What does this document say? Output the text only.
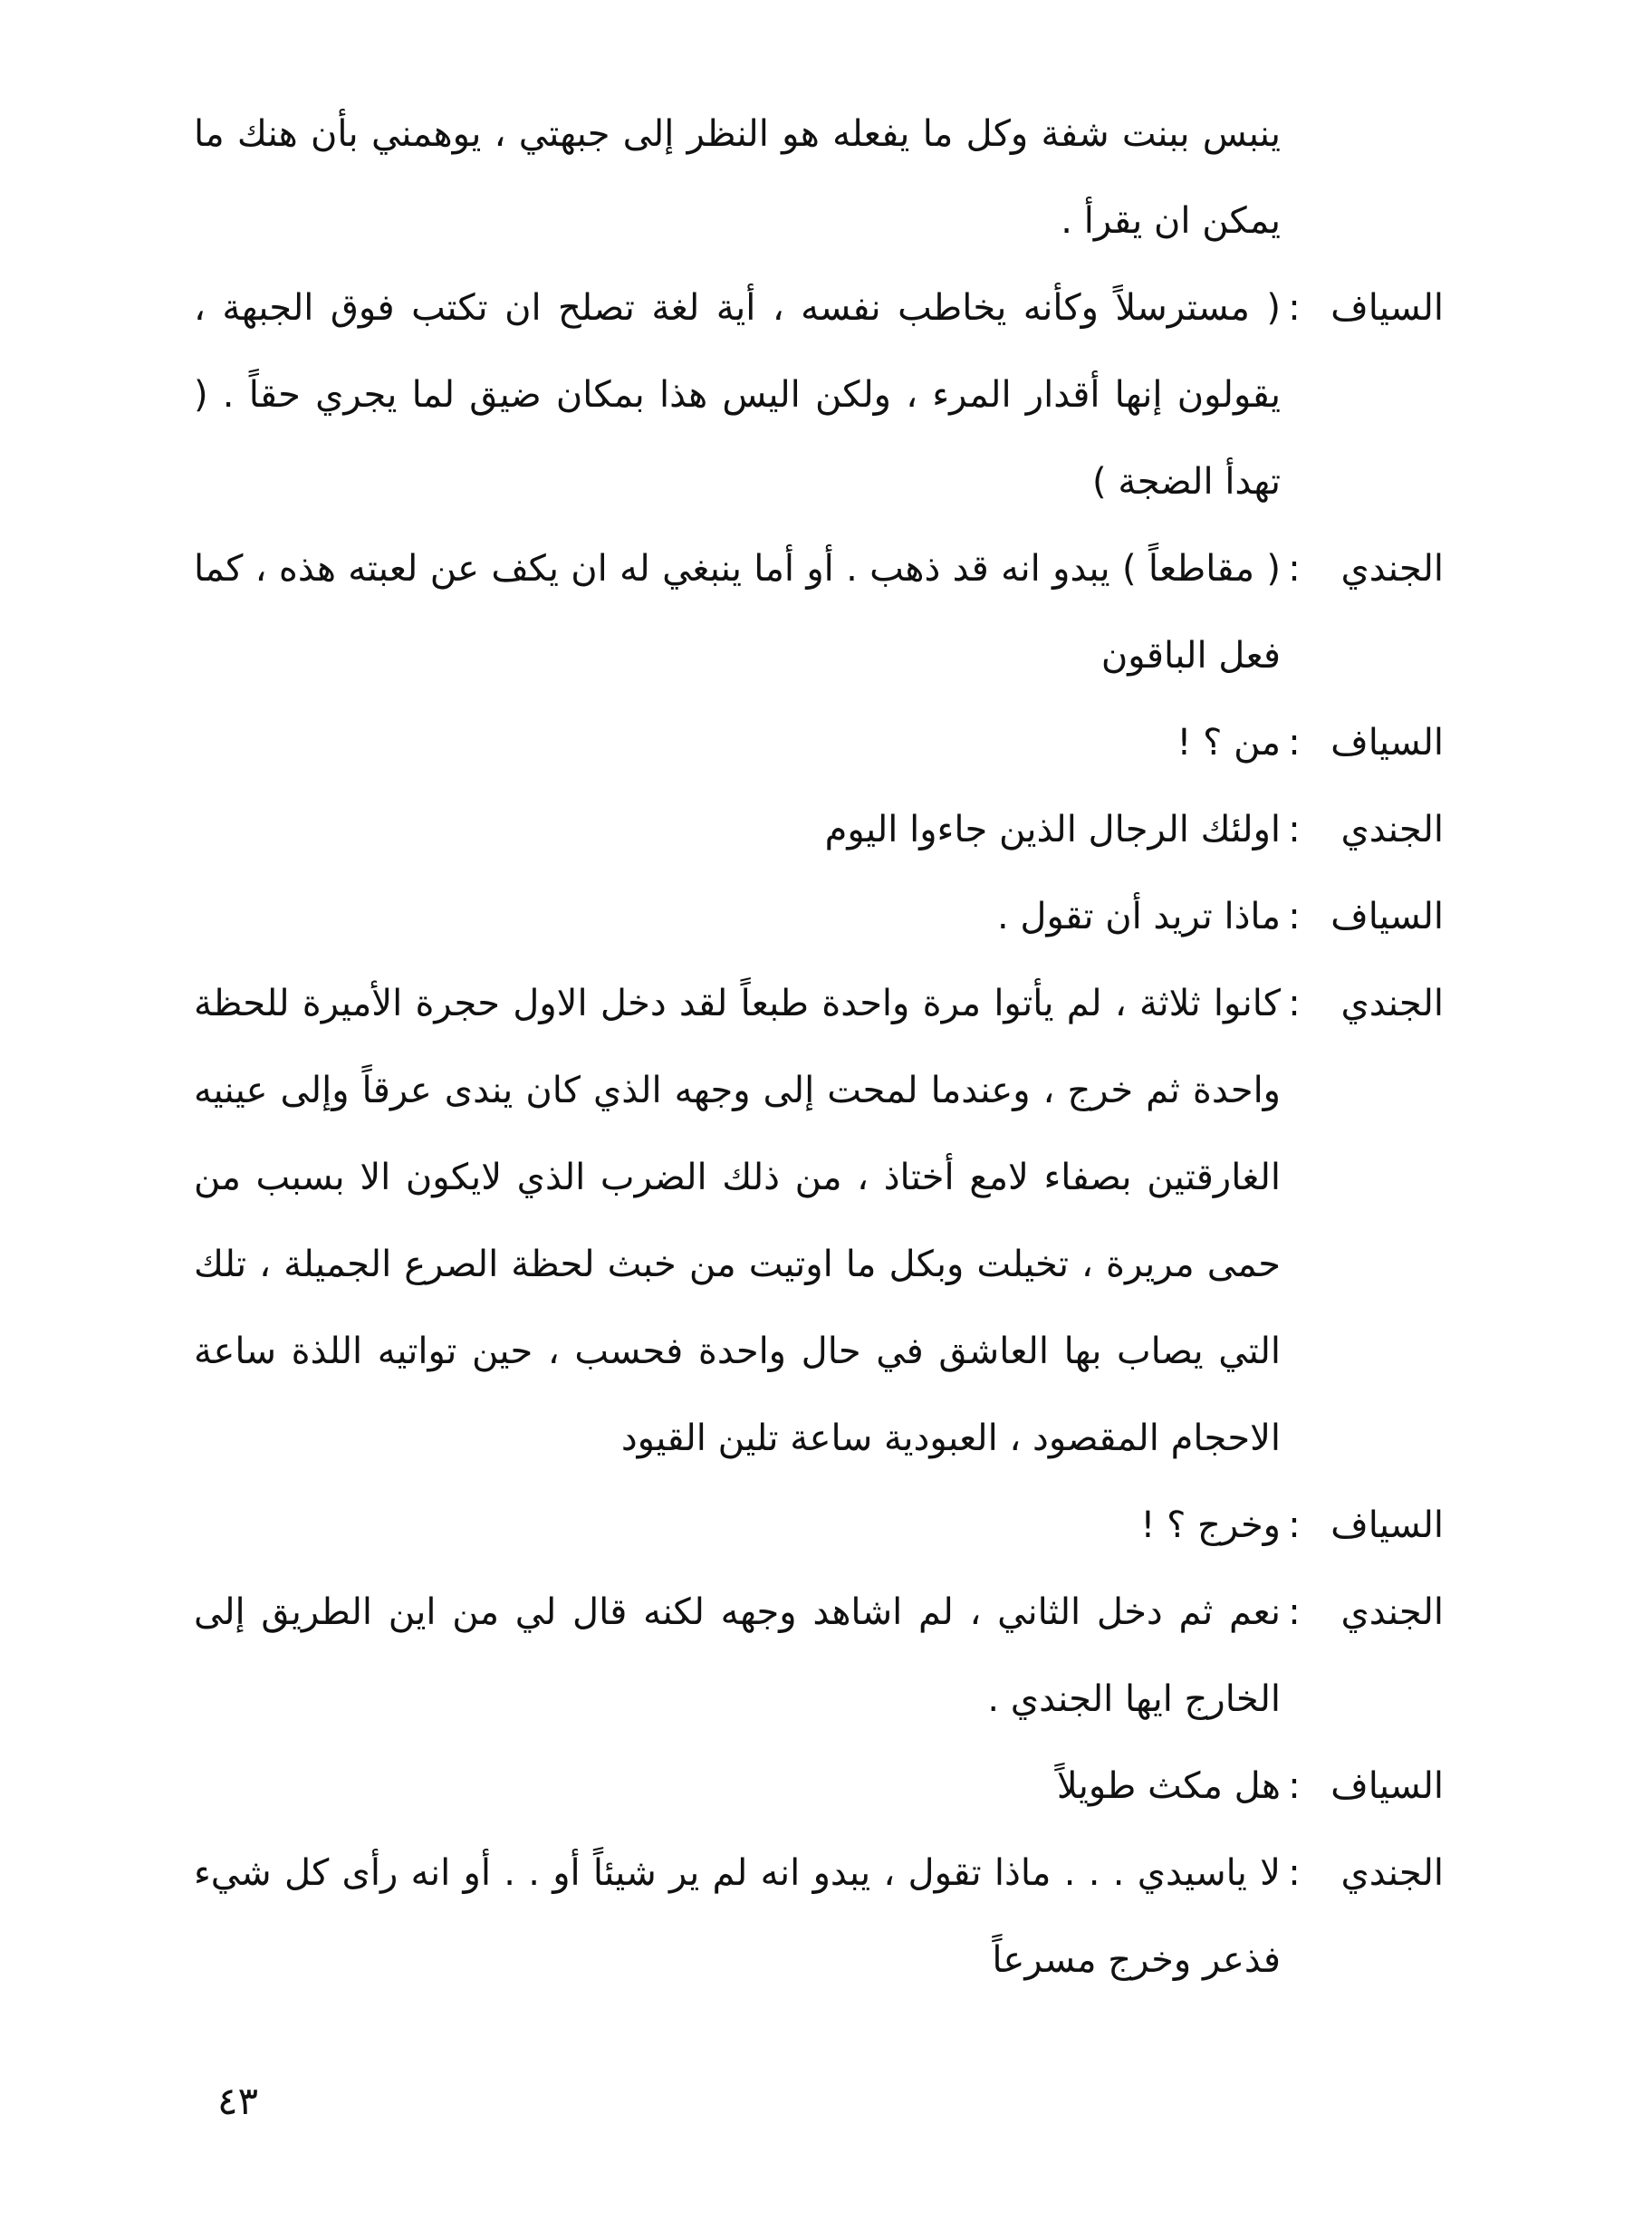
ينبس ببنت شفة وكل ما يفعله هو النظر إلى جبهتي ، يوهمني بأن هنك ما يمكن ان يقرأ .

السياف
:
( مسترسلاً وكأنه يخاطب نفسه ، أية لغة تصلح ان تكتب فوق الجبهة ، يقولون إنها أقدار المرء ، ولكن اليس هذا بمكان ضيق لما يجري حقاً . ( تهدأ الضجة )
الجندي
:
( مقاطعاً ) يبدو انه قد ذهب . أو أما ينبغي له ان يكف عن لعبته هذه ، كما فعل الباقون
السياف
:
من ؟ !
الجندي
:
اولئك الرجال الذين جاءوا اليوم
السياف
:
ماذا تريد أن تقول .
الجندي
:
كانوا ثلاثة ، لم يأتوا مرة واحدة طبعاً لقد دخل الاول حجرة الأميرة للحظة واحدة ثم خرج ، وعندما لمحت إلى وجهه الذي كان يندى عرقاً وإلى عينيه الغارقتين بصفاء لامع أختاذ ، من ذلك الضرب الذي لايكون الا بسبب من حمى مريرة ، تخيلت وبكل ما اوتيت من خبث لحظة الصرع الجميلة ، تلك التي يصاب بها العاشق في حال واحدة فحسب ، حين تواتيه اللذة ساعة الاحجام المقصود ، العبودية ساعة تلين القيود
السياف
:
وخرج ؟ !
الجندي
:
نعم ثم دخل الثاني ، لم اشاهد وجهه لكنه قال لي من اين الطريق إلى الخارج ايها الجندي .
السياف
:
هل مكث طويلاً
الجندي
:
لا ياسيدي . . . ماذا تقول ، يبدو انه لم ير شيئاً أو . . أو انه رأى كل شيء فذعر وخرج مسرعاً
٤٣
